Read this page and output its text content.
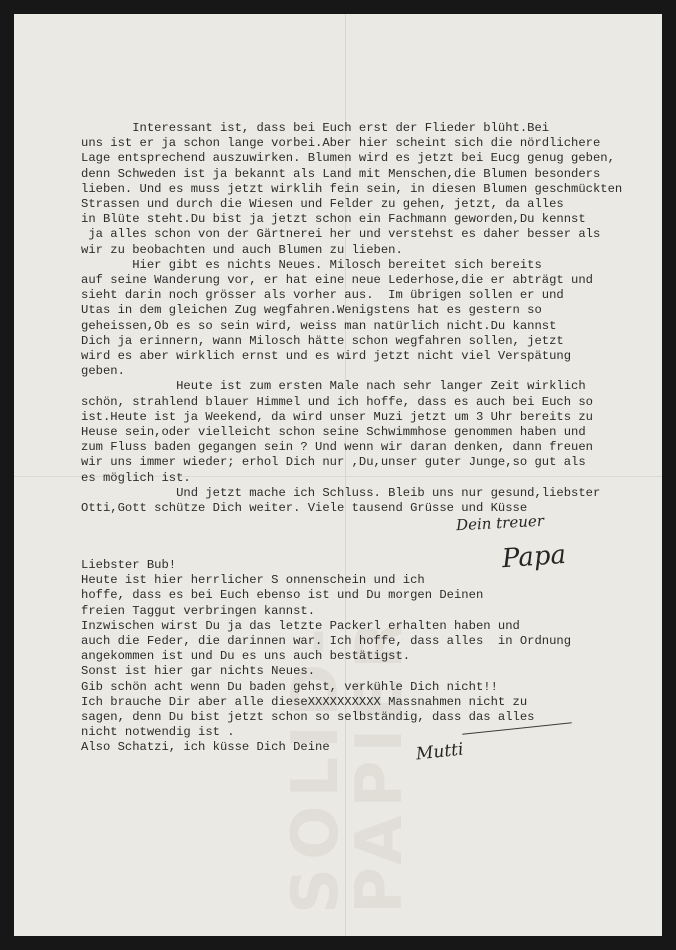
SOLID-PAPIER
Interessant ist, dass bei Euch erst der Flieder blüht.Bei
uns ist er ja schon lange vorbei.Aber hier scheint sich die nördlichere
Lage entsprechend auszuwirken. Blumen wird es jetzt bei Eucg genug geben,
denn Schweden ist ja bekannt als Land mit Menschen,die Blumen besonders
lieben. Und es muss jetzt wirklih fein sein, in diesen Blumen geschmückten
Strassen und durch die Wiesen und Felder zu gehen, jetzt, da alles
in Blüte steht.Du bist ja jetzt schon ein Fachmann geworden,Du kennst
ja alles schon von der Gärtnerei her und verstehst es daher besser als
wir zu beobachten und auch Blumen zu lieben.
Hier gibt es nichts Neues. Milosch bereitet sich bereits
auf seine Wanderung vor, er hat eine neue Lederhose,die er abträgt und
sieht darin noch grösser als vorher aus.  Im übrigen sollen er und
Utas in dem gleichen Zug wegfahren.Wenigstens hat es gestern so
geheissen,Ob es so sein wird, weiss man natürlich nicht.Du kannst
Dich ja erinnern, wann Milosch hätte schon wegfahren sollen, jetzt
wird es aber wirklich ernst und es wird jetzt nicht viel Verspätung
geben.
Heute ist zum ersten Male nach sehr langer Zeit wirklich
schön, strahlend blauer Himmel und ich hoffe, dass es auch bei Euch so
ist.Heute ist ja Weekend, da wird unser Muzi jetzt um 3 Uhr bereits zu
Heuse sein,oder vielleicht schon seine Schwimmhose genommen haben und
zum Fluss baden gegangen sein ? Und wenn wir daran denken, dann freuen
wir uns immer wieder; erhol Dich nur ,Du,unser guter Junge,so gut als
es möglich ist.
Und jetzt mache ich Schluss. Bleib uns nur gesund,liebster
Otti,Gott schütze Dich weiter. Viele tausend Grüsse und Küsse
Dein treuer
Papa
Liebster Bub!
Heute ist hier herrlicher S onnenschein und ich
hoffe, dass es bei Euch ebenso ist und Du morgen Deinen
freien Taggut verbringen kannst.
Inzwischen wirst Du ja das letzte Packerl erhalten haben und
auch die Feder, die darinnen war. Ich hoffe, dass alles  in Ordnung
angekommen ist und Du es uns auch bestätigst.
Sonst ist hier gar nichts Neues.
Gib schön acht wenn Du baden gehst, verkühle Dich nicht!!
Ich brauche Dir aber alle dieseXXXXXXXXXX Massnahmen nicht zu
sagen, denn Du bist jetzt schon so selbständig, dass das alles
nicht notwendig ist .
Also Schatzi, ich küsse Dich Deine	Mutti
